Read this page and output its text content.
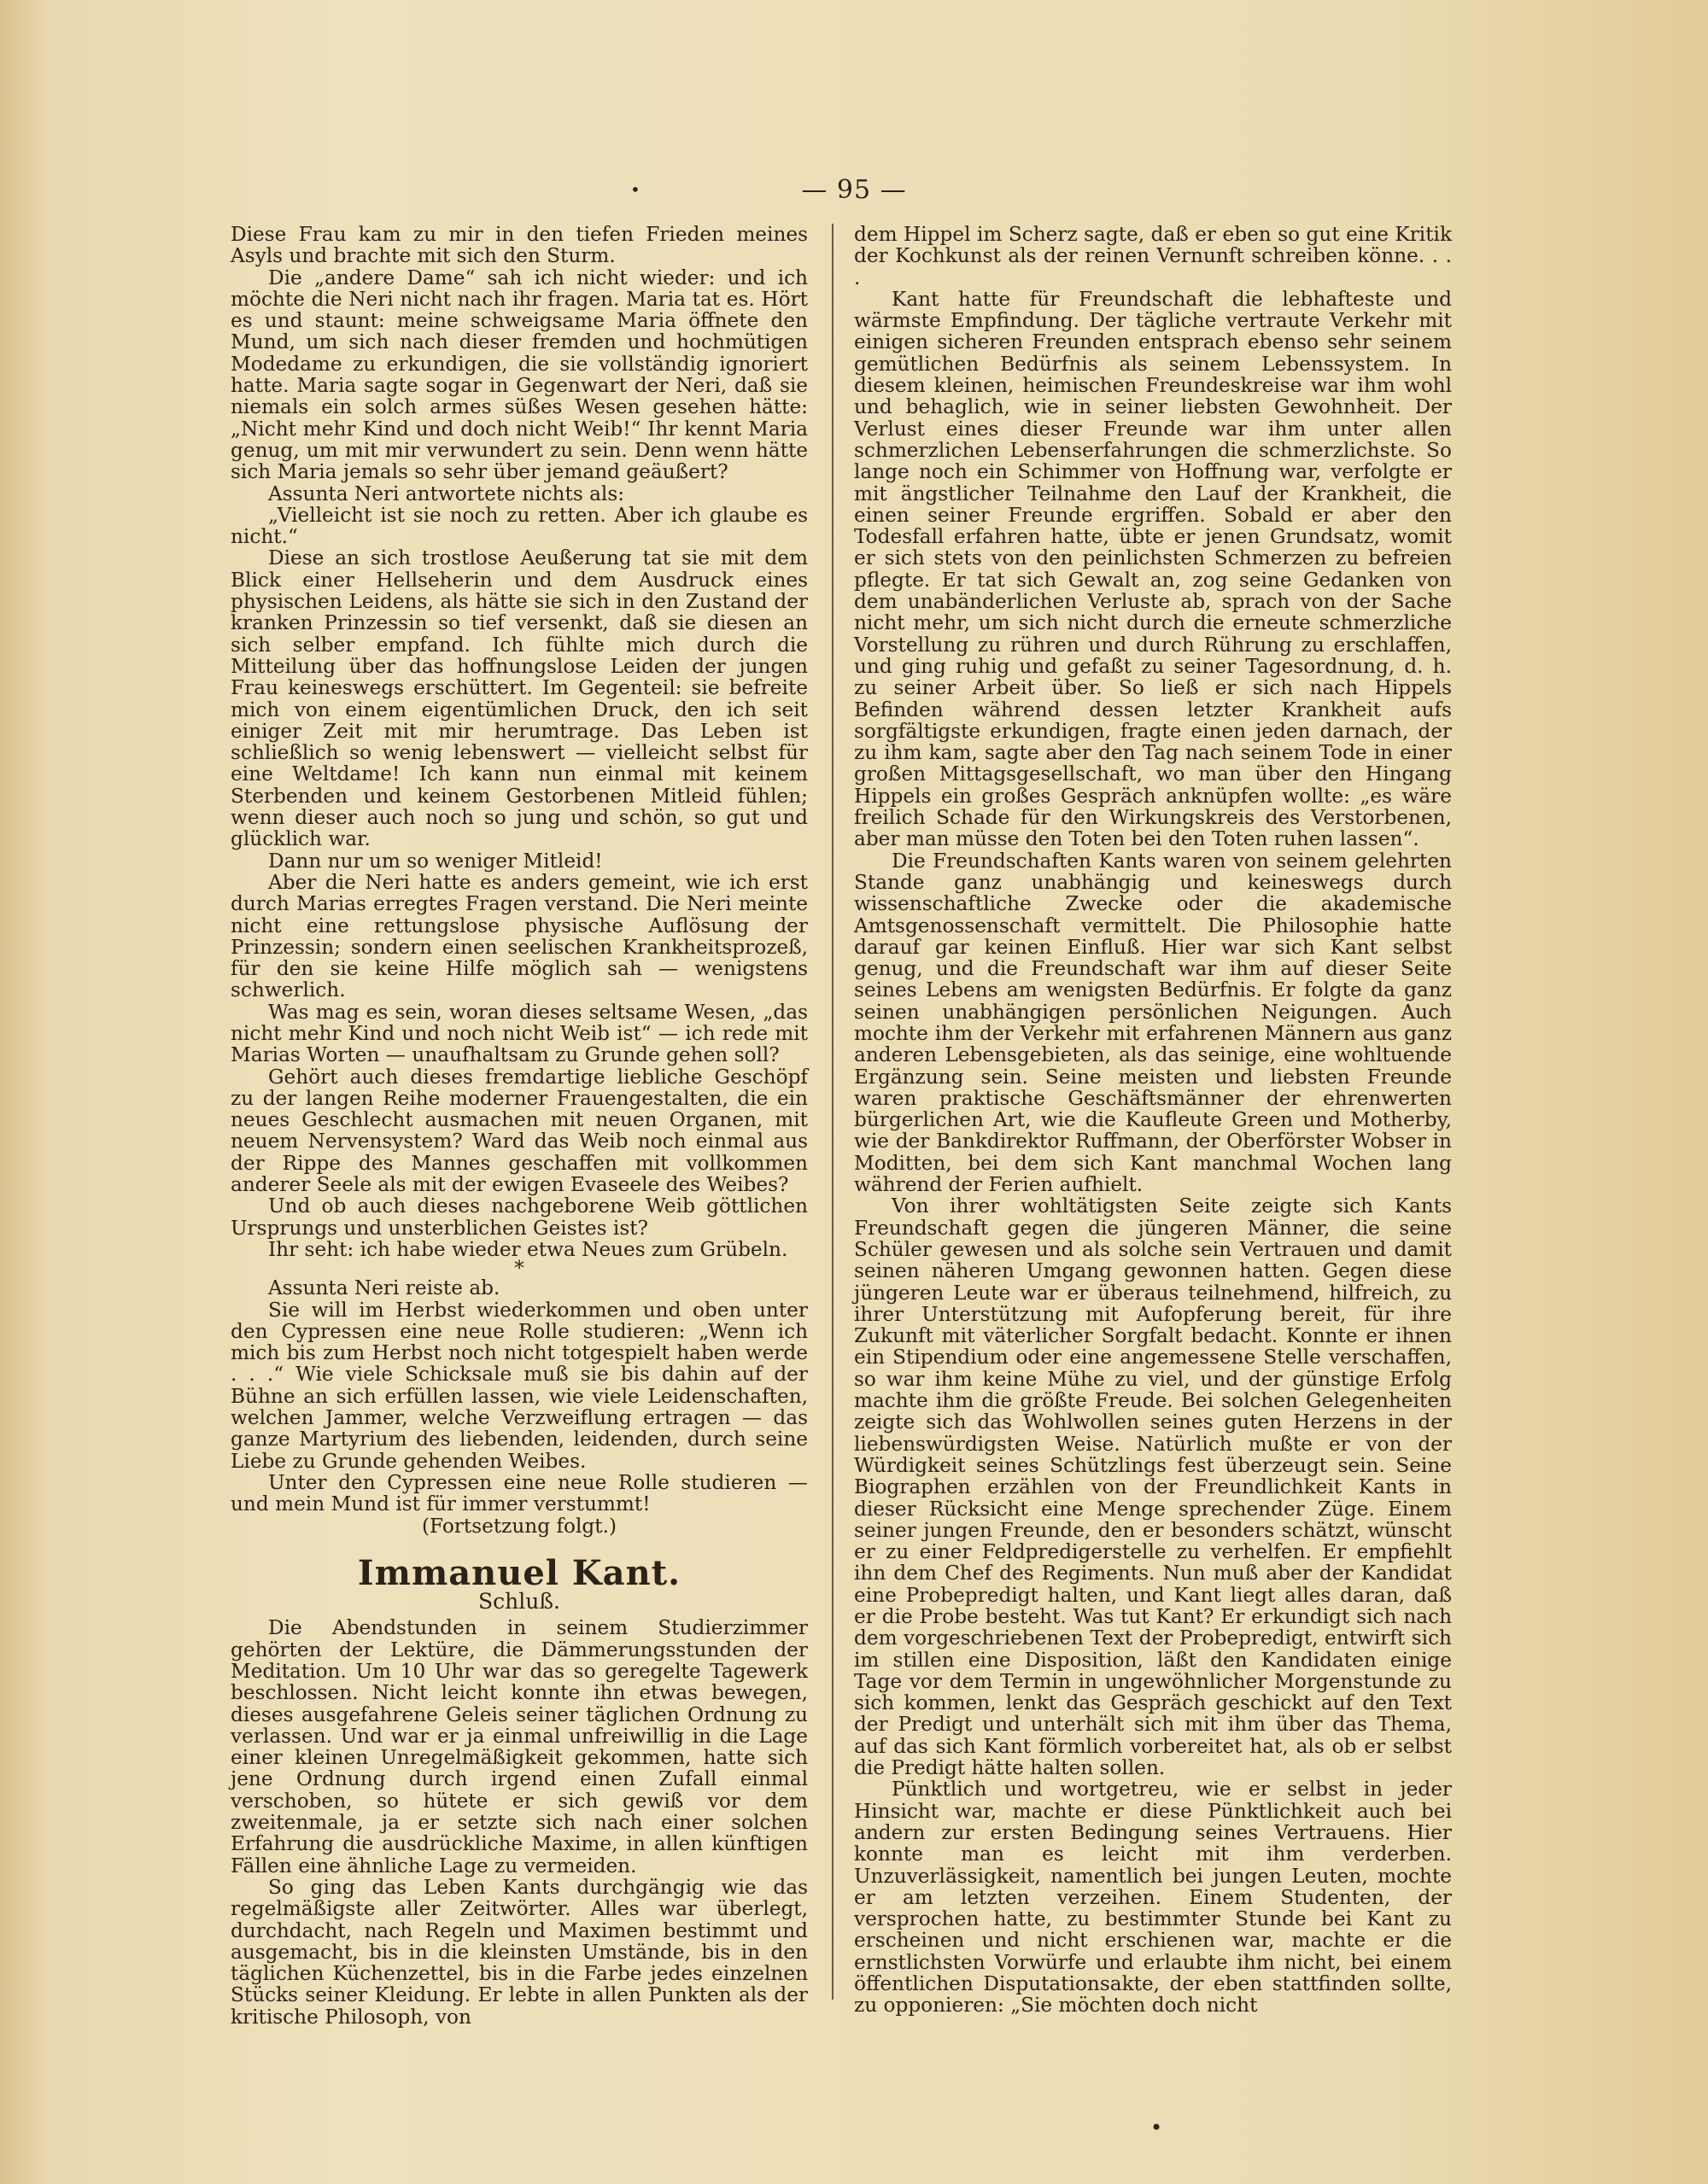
•	— 95 —

Diese Frau kam zu mir in den tiefen Frieden meines Asyls und brachte mit sich den Sturm.

Die „andere Dame“ sah ich nicht wieder: und ich möchte die Neri nicht nach ihr fragen. Maria tat es. Hört es und staunt: meine schweigsame Maria öffnete den Mund, um sich nach dieser fremden und hochmütigen Modedame zu erkundigen, die sie vollständig ignoriert hatte. Maria sagte sogar in Gegenwart der Neri, daß sie niemals ein solch armes süßes Wesen gesehen hätte: „Nicht mehr Kind und doch nicht Weib!“ Ihr kennt Maria genug, um mit mir verwundert zu sein. Denn wenn hätte sich Maria jemals so sehr über jemand geäußert?

Assunta Neri antwortete nichts als:

„Vielleicht ist sie noch zu retten. Aber ich glaube es nicht.“

Diese an sich trostlose Aeußerung tat sie mit dem Blick einer Hellseherin und dem Ausdruck eines physischen Leidens, als hätte sie sich in den Zustand der kranken Prinzessin so tief versenkt, daß sie diesen an sich selber empfand. Ich fühlte mich durch die Mitteilung über das hoffnungslose Leiden der jungen Frau keineswegs erschüttert. Im Gegenteil: sie befreite mich von einem eigentümlichen Druck, den ich seit einiger Zeit mit mir herumtrage. Das Leben ist schließlich so wenig lebenswert — vielleicht selbst für eine Weltdame! Ich kann nun einmal mit keinem Sterbenden und keinem Gestorbenen Mitleid fühlen; wenn dieser auch noch so jung und schön, so gut und glücklich war.

Dann nur um so weniger Mitleid!

Aber die Neri hatte es anders gemeint, wie ich erst durch Marias erregtes Fragen verstand. Die Neri meinte nicht eine rettungslose physische Auflösung der Prinzessin; sondern einen seelischen Krankheitsprozeß, für den sie keine Hilfe möglich sah — wenigstens schwerlich.

Was mag es sein, woran dieses seltsame Wesen, „das nicht mehr Kind und noch nicht Weib ist“ — ich rede mit Marias Worten — unaufhaltsam zu Grunde gehen soll?

Gehört auch dieses fremdartige liebliche Geschöpf zu der langen Reihe moderner Frauengestalten, die ein neues Geschlecht ausmachen mit neuen Organen, mit neuem Nervensystem? Ward das Weib noch einmal aus der Rippe des Mannes geschaffen mit vollkommen anderer Seele als mit der ewigen Evaseele des Weibes?

Und ob auch dieses nachgeborene Weib göttlichen Ursprungs und unsterblichen Geistes ist?

Ihr seht: ich habe wieder etwa Neues zum Grübeln.

*

Assunta Neri reiste ab.

Sie will im Herbst wiederkommen und oben unter den Cypressen eine neue Rolle studieren: „Wenn ich mich bis zum Herbst noch nicht totgespielt haben werde . . .“ Wie viele Schicksale muß sie bis dahin auf der Bühne an sich erfüllen lassen, wie viele Leidenschaften, welchen Jammer, welche Verzweiflung ertragen — das ganze Martyrium des liebenden, leidenden, durch seine Liebe zu Grunde gehenden Weibes.

Unter den Cypressen eine neue Rolle studieren — und mein Mund ist für immer verstummt!

(Fortsetzung folgt.)

Immanuel Kant.
Schluß.

Die Abendstunden in seinem Studierzimmer gehörten der Lektüre, die Dämmerungsstunden der Meditation. Um 10 Uhr war das so geregelte Tagewerk beschlossen. Nicht leicht konnte ihn etwas bewegen, dieses ausgefahrene Geleis seiner täglichen Ordnung zu verlassen. Und war er ja einmal unfreiwillig in die Lage einer kleinen Unregelmäßigkeit gekommen, hatte sich jene Ordnung durch irgend einen Zufall einmal verschoben, so hütete er sich gewiß vor dem zweitenmale, ja er setzte sich nach einer solchen Erfahrung die ausdrückliche Maxime, in allen künftigen Fällen eine ähnliche Lage zu vermeiden.

So ging das Leben Kants durchgängig wie das regelmäßigste aller Zeitwörter. Alles war überlegt, durchdacht, nach Regeln und Maximen bestimmt und ausgemacht, bis in die kleinsten Umstände, bis in den täglichen Küchenzettel, bis in die Farbe jedes einzelnen Stücks seiner Kleidung. Er lebte in allen Punkten als der kritische Philosoph, von

dem Hippel im Scherz sagte, daß er eben so gut eine Kritik der Kochkunst als der reinen Vernunft schreiben könne. . . .

Kant hatte für Freundschaft die lebhafteste und wärmste Empfindung. Der tägliche vertraute Verkehr mit einigen sicheren Freunden entsprach ebenso sehr seinem gemütlichen Bedürfnis als seinem Lebenssystem. In diesem kleinen, heimischen Freundeskreise war ihm wohl und behaglich, wie in seiner liebsten Gewohnheit. Der Verlust eines dieser Freunde war ihm unter allen schmerzlichen Lebenserfahrungen die schmerzlichste. So lange noch ein Schimmer von Hoffnung war, verfolgte er mit ängstlicher Teilnahme den Lauf der Krankheit, die einen seiner Freunde ergriffen. Sobald er aber den Todesfall erfahren hatte, übte er jenen Grundsatz, womit er sich stets von den peinlichsten Schmerzen zu befreien pflegte. Er tat sich Gewalt an, zog seine Gedanken von dem unabänderlichen Verluste ab, sprach von der Sache nicht mehr, um sich nicht durch die erneute schmerzliche Vorstellung zu rühren und durch Rührung zu erschlaffen, und ging ruhig und gefaßt zu seiner Tagesordnung, d. h. zu seiner Arbeit über. So ließ er sich nach Hippels Befinden während dessen letzter Krankheit aufs sorgfältigste erkundigen, fragte einen jeden darnach, der zu ihm kam, sagte aber den Tag nach seinem Tode in einer großen Mittagsgesellschaft, wo man über den Hingang Hippels ein großes Gespräch anknüpfen wollte: „es wäre freilich Schade für den Wirkungskreis des Verstorbenen, aber man müsse den Toten bei den Toten ruhen lassen“.

Die Freundschaften Kants waren von seinem gelehrten Stande ganz unabhängig und keineswegs durch wissenschaftliche Zwecke oder die akademische Amtsgenossenschaft vermittelt. Die Philosophie hatte darauf gar keinen Einfluß. Hier war sich Kant selbst genug, und die Freundschaft war ihm auf dieser Seite seines Lebens am wenigsten Bedürfnis. Er folgte da ganz seinen unabhängigen persönlichen Neigungen. Auch mochte ihm der Verkehr mit erfahrenen Männern aus ganz anderen Lebensgebieten, als das seinige, eine wohltuende Ergänzung sein. Seine meisten und liebsten Freunde waren praktische Geschäftsmänner der ehrenwerten bürgerlichen Art, wie die Kaufleute Green und Motherby, wie der Bankdirektor Ruffmann, der Oberförster Wobser in Moditten, bei dem sich Kant manchmal Wochen lang während der Ferien aufhielt.

Von ihrer wohltätigsten Seite zeigte sich Kants Freundschaft gegen die jüngeren Männer, die seine Schüler gewesen und als solche sein Vertrauen und damit seinen näheren Umgang gewonnen hatten. Gegen diese jüngeren Leute war er überaus teilnehmend, hilfreich, zu ihrer Unterstützung mit Aufopferung bereit, für ihre Zukunft mit väterlicher Sorgfalt bedacht. Konnte er ihnen ein Stipendium oder eine angemessene Stelle verschaffen, so war ihm keine Mühe zu viel, und der günstige Erfolg machte ihm die größte Freude. Bei solchen Gelegenheiten zeigte sich das Wohlwollen seines guten Herzens in der liebenswürdigsten Weise. Natürlich mußte er von der Würdigkeit seines Schützlings fest überzeugt sein. Seine Biographen erzählen von der Freundlichkeit Kants in dieser Rücksicht eine Menge sprechender Züge. Einem seiner jungen Freunde, den er besonders schätzt, wünscht er zu einer Feldpredigerstelle zu verhelfen. Er empfiehlt ihn dem Chef des Regiments. Nun muß aber der Kandidat eine Probepredigt halten, und Kant liegt alles daran, daß er die Probe besteht. Was tut Kant? Er erkundigt sich nach dem vorgeschriebenen Text der Probepredigt, entwirft sich im stillen eine Disposition, läßt den Kandidaten einige Tage vor dem Termin in ungewöhnlicher Morgenstunde zu sich kommen, lenkt das Gespräch geschickt auf den Text der Predigt und unterhält sich mit ihm über das Thema, auf das sich Kant förmlich vorbereitet hat, als ob er selbst die Predigt hätte halten sollen.

Pünktlich und wortgetreu, wie er selbst in jeder Hinsicht war, machte er diese Pünktlichkeit auch bei andern zur ersten Bedingung seines Vertrauens. Hier konnte man es leicht mit ihm verderben. Unzuverlässigkeit, namentlich bei jungen Leuten, mochte er am letzten verzeihen. Einem Studenten, der versprochen hatte, zu bestimmter Stunde bei Kant zu erscheinen und nicht erschienen war, machte er die ernstlichsten Vorwürfe und erlaubte ihm nicht, bei einem öffentlichen Disputationsakte, der eben stattfinden sollte, zu opponieren: „Sie möchten doch nicht

•
